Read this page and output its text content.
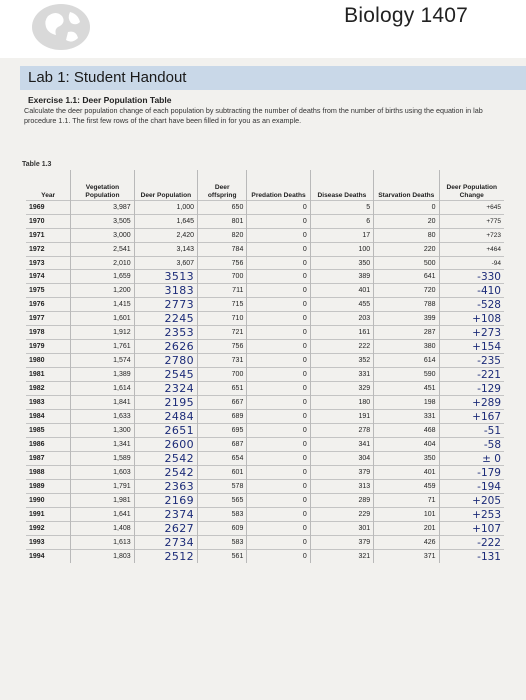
Biology 1407
Lab 1: Student Handout
Exercise 1.1: Deer Population Table
Calculate the deer population change of each population by subtracting the number of deaths from the number of births using the equation in lab procedure 1.1. The first few rows of the chart have been filled in for you as an example.
Table 1.3
Year	Vegetation Population	Deer Population	Deer offspring	Predation Deaths	Disease Deaths	Starvation Deaths	Deer Population Change
1969	3,987	1,000	650	0	5	0	+645
1970	3,505	1,645	801	0	6	20	+775
1971	3,000	2,420	820	0	17	80	+723
1972	2,541	3,143	784	0	100	220	+464
1973	2,010	3,607	756	0	350	500	-94
1974	1,659	3513	700	0	389	641	-330
1975	1,200	3183	711	0	401	720	-410
1976	1,415	2773	715	0	455	788	-528
1977	1,601	2245	710	0	203	399	+108
1978	1,912	2353	721	0	161	287	+273
1979	1,761	2626	756	0	222	380	+154
1980	1,574	2780	731	0	352	614	-235
1981	1,389	2545	700	0	331	590	-221
1982	1,614	2324	651	0	329	451	-129
1983	1,841	2195	667	0	180	198	+289
1984	1,633	2484	689	0	191	331	+167
1985	1,300	2651	695	0	278	468	-51
1986	1,341	2600	687	0	341	404	-58
1987	1,589	2542	654	0	304	350	± 0
1988	1,603	2542	601	0	379	401	-179
1989	1,791	2363	578	0	313	459	-194
1990	1,981	2169	565	0	289	71	+205
1991	1,641	2374	583	0	229	101	+253
1992	1,408	2627	609	0	301	201	+107
1993	1,613	2734	583	0	379	426	-222
1994	1,803	2512	561	0	321	371	-131
